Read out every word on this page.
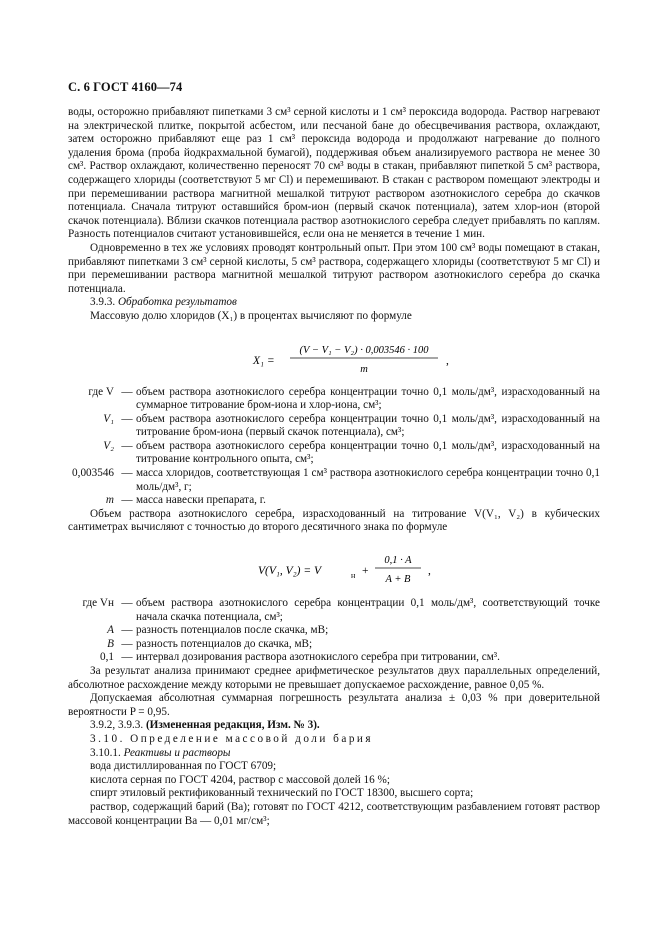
С. 6 ГОСТ 4160—74

воды, осторожно прибавляют пипетками 3 см³ серной кислоты и 1 см³ пероксида водорода. Раствор нагревают на электрической плитке, покрытой асбестом, или песчаной бане до обесцвечивания раствора, охлаждают, затем осторожно прибавляют еще раз 1 см³ пероксида водорода и продолжают нагревание до полного удаления брома (проба йодкрахмальной бумагой), поддерживая объем анализируемого раствора не менее 30 см³. Раствор охлаждают, количественно переносят 70 см³ воды в стакан, прибавляют пипеткой 5 см³ раствора, содержащего хлориды (соответствуют 5 мг Cl) и перемешивают. В стакан с раствором помещают электроды и при перемешивании раствора магнитной мешалкой титруют раствором азотнокислого серебра до скачков потенциала. Сначала титруют оставшийся бром-ион (первый скачок потенциала), затем хлор-ион (второй скачок потенциала). Вблизи скачков потенциала раствор азотнокислого серебра следует прибавлять по каплям. Разность потенциалов считают установившейся, если она не меняется в течение 1 мин.

Одновременно в тех же условиях проводят контрольный опыт. При этом 100 см³ воды помещают в стакан, прибавляют пипетками 3 см³ серной кислоты, 5 см³ раствора, содержащего хлориды (соответствуют 5 мг Cl) и при перемешивании раствора магнитной мешалкой титруют раствором азотнокислого серебра до скачка потенциала.

3.9.3. Обработка результатов

Массовую долю хлоридов (X₁) в процентах вычисляют по формуле

X₁ =
(V − V₁ − V₂) · 0,003546 · 100
m
,
где V — объем раствора азотнокислого серебра концентрации точно 0,1 моль/дм³, израсходованный на суммарное титрование бром-иона и хлор-иона, см³;
V₁ — объем раствора азотнокислого серебра концентрации точно 0,1 моль/дм³, израсходованный на титрование бром-иона (первый скачок потенциала), см³;
V₂ — объем раствора азотнокислого серебра концентрации точно 0,1 моль/дм³, израсходованный на титрование контрольного опыта, см³;
0,003546 — масса хлоридов, соответствующая 1 см³ раствора азотнокислого серебра концентрации точно 0,1 моль/дм³, г;
m — масса навески препарата, г.

Объем раствора азотнокислого серебра, израсходованный на титрование V(V₁, V₂) в кубических сантиметрах вычисляют с точностью до второго десятичного знака по формуле

V(V₁, V₂) = V	н +
0,1 · A
A + B
,
где Vн — объем раствора азотнокислого серебра концентрации 0,1 моль/дм³, соответствующий точке начала скачка потенциала, см³;
A — разность потенциалов после скачка, мВ;
B — разность потенциалов до скачка, мВ;
0,1 — интервал дозирования раствора азотнокислого серебра при титровании, см³.

За результат анализа принимают среднее арифметическое результатов двух параллельных определений, абсолютное расхождение между которыми не превышает допускаемое расхождение, равное 0,05 %.

Допускаемая абсолютная суммарная погрешность результата анализа ± 0,03 % при доверительной вероятности P = 0,95.

3.9.2, 3.9.3. (Измененная редакция, Изм. № 3).

3.10. Определение массовой доли бария

3.10.1. Реактивы и растворы

вода дистиллированная по ГОСТ 6709;

кислота серная по ГОСТ 4204, раствор с массовой долей 16 %;

спирт этиловый ректификованный технический по ГОСТ 18300, высшего сорта;

раствор, содержащий барий (Ba); готовят по ГОСТ 4212, соответствующим разбавлением готовят раствор массовой концентрации Ba — 0,01 мг/см³;
